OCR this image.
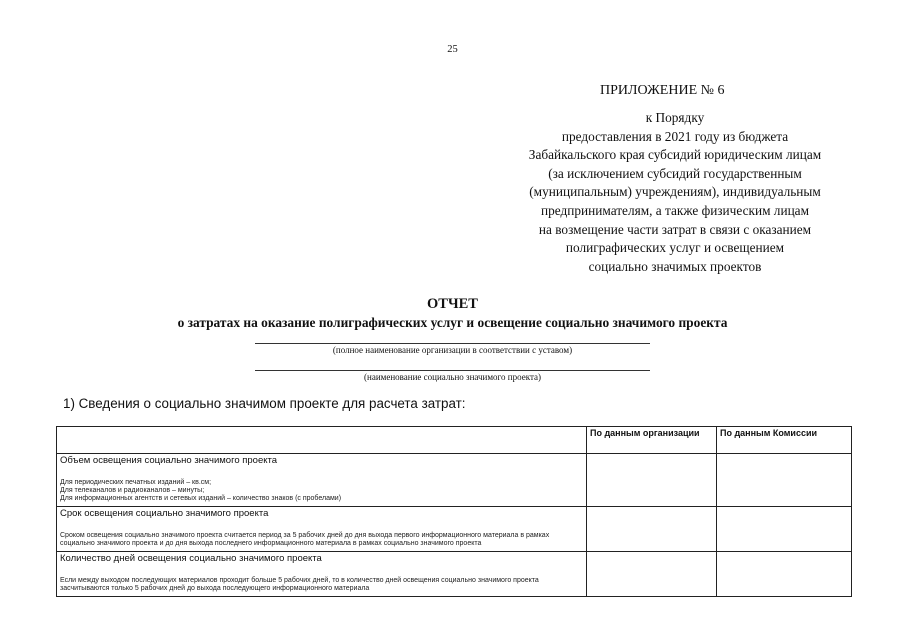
25
ПРИЛОЖЕНИЕ № 6
к Порядку
предоставления в 2021 году из бюджета
Забайкальского края субсидий юридическим лицам
(за исключением субсидий государственным
(муниципальным) учреждениям), индивидуальным
предпринимателям, а также физическим лицам
на возмещение части затрат в связи с оказанием
полиграфических услуг и освещением
социально значимых проектов
ОТЧЕТ
о затратах на оказание полиграфических услуг и освещение социально значимого проекта
(полное наименование организации в соответствии с уставом)
(наименование социально значимого проекта)
1) Сведения о социально значимом проекте для расчета затрат:
	По данным организации	По данным Комиссии

Объем освещения социально значимого проекта
Для периодических печатных изданий – кв.см;
Для телеканалов и радиоканалов – минуты;
Для информационных агентств и сетевых изданий – количество знаков (с пробелами)		

Срок освещения социально значимого проекта
Сроком освещения социально значимого проекта считается период за 5 рабочих дней до дня выхода первого информационного материала в рамках социально значимого проекта и до дня выхода последнего информационного материала в рамках социально значимого проекта		

Количество дней освещения социально значимого проекта
Если между выходом последующих материалов проходит больше 5 рабочих дней, то в количество дней освещения социально значимого проекта засчитываются только 5 рабочих дней до выхода последующего информационного материала		
